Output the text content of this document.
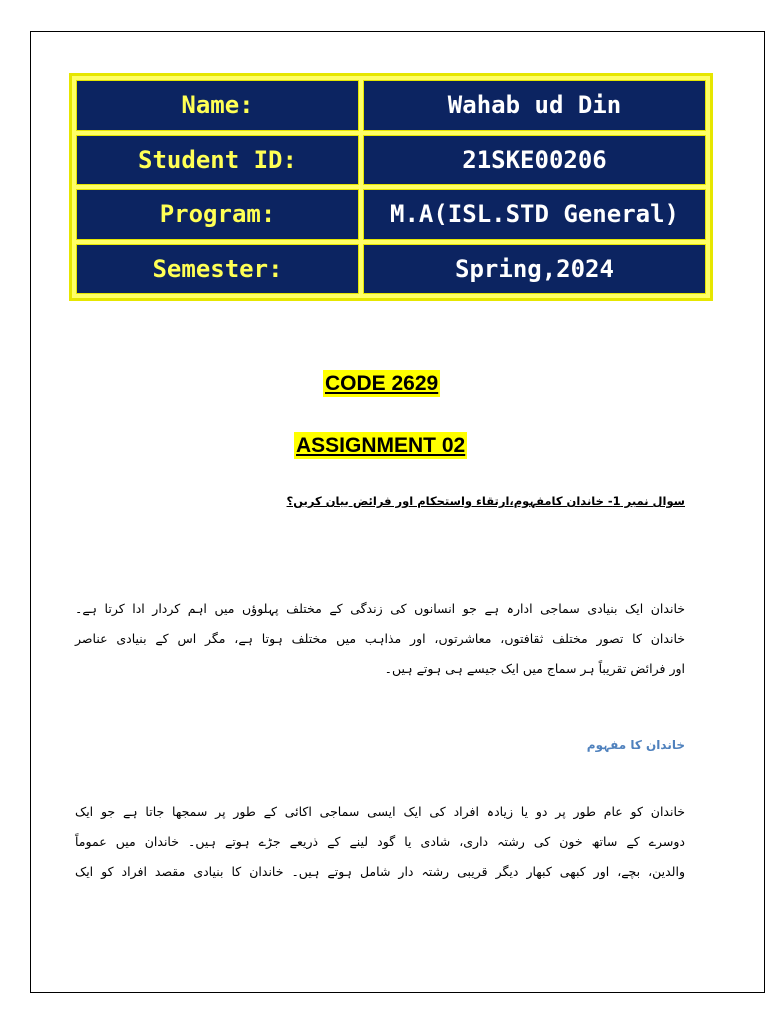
Name:	Wahab ud Din
Student ID:	21SKE00206
Program:	M.A(ISL.STD General)
Semester:	Spring,2024
CODE 2629
ASSIGNMENT 02
سوال نمبر 1- خاندان کامفہوم،ارتقاء واستحکام اور فرائض بیان کریں؟
خاندان ایک بنیادی سماجی ادارہ ہے جو انسانوں کی زندگی کے مختلف پہلوؤں میں اہم کردار ادا کرتا ہے۔
خاندان کا تصور مختلف ثقافتوں، معاشرتوں، اور مذاہب میں مختلف ہوتا ہے، مگر اس کے بنیادی عناصر
اور فرائض تقریباً ہر سماج میں ایک جیسے ہی ہوتے ہیں۔
خاندان کا مفہوم
خاندان کو عام طور پر دو یا زیادہ افراد کی ایک ایسی سماجی اکائی کے طور پر سمجھا جاتا ہے جو ایک
دوسرے کے ساتھ خون کی رشتہ داری، شادی یا گود لینے کے ذریعے جڑے ہوتے ہیں۔ خاندان میں عموماً
والدین، بچے، اور کبھی کبھار دیگر قریبی رشتہ دار شامل ہوتے ہیں۔ خاندان کا بنیادی مقصد افراد کو ایک
